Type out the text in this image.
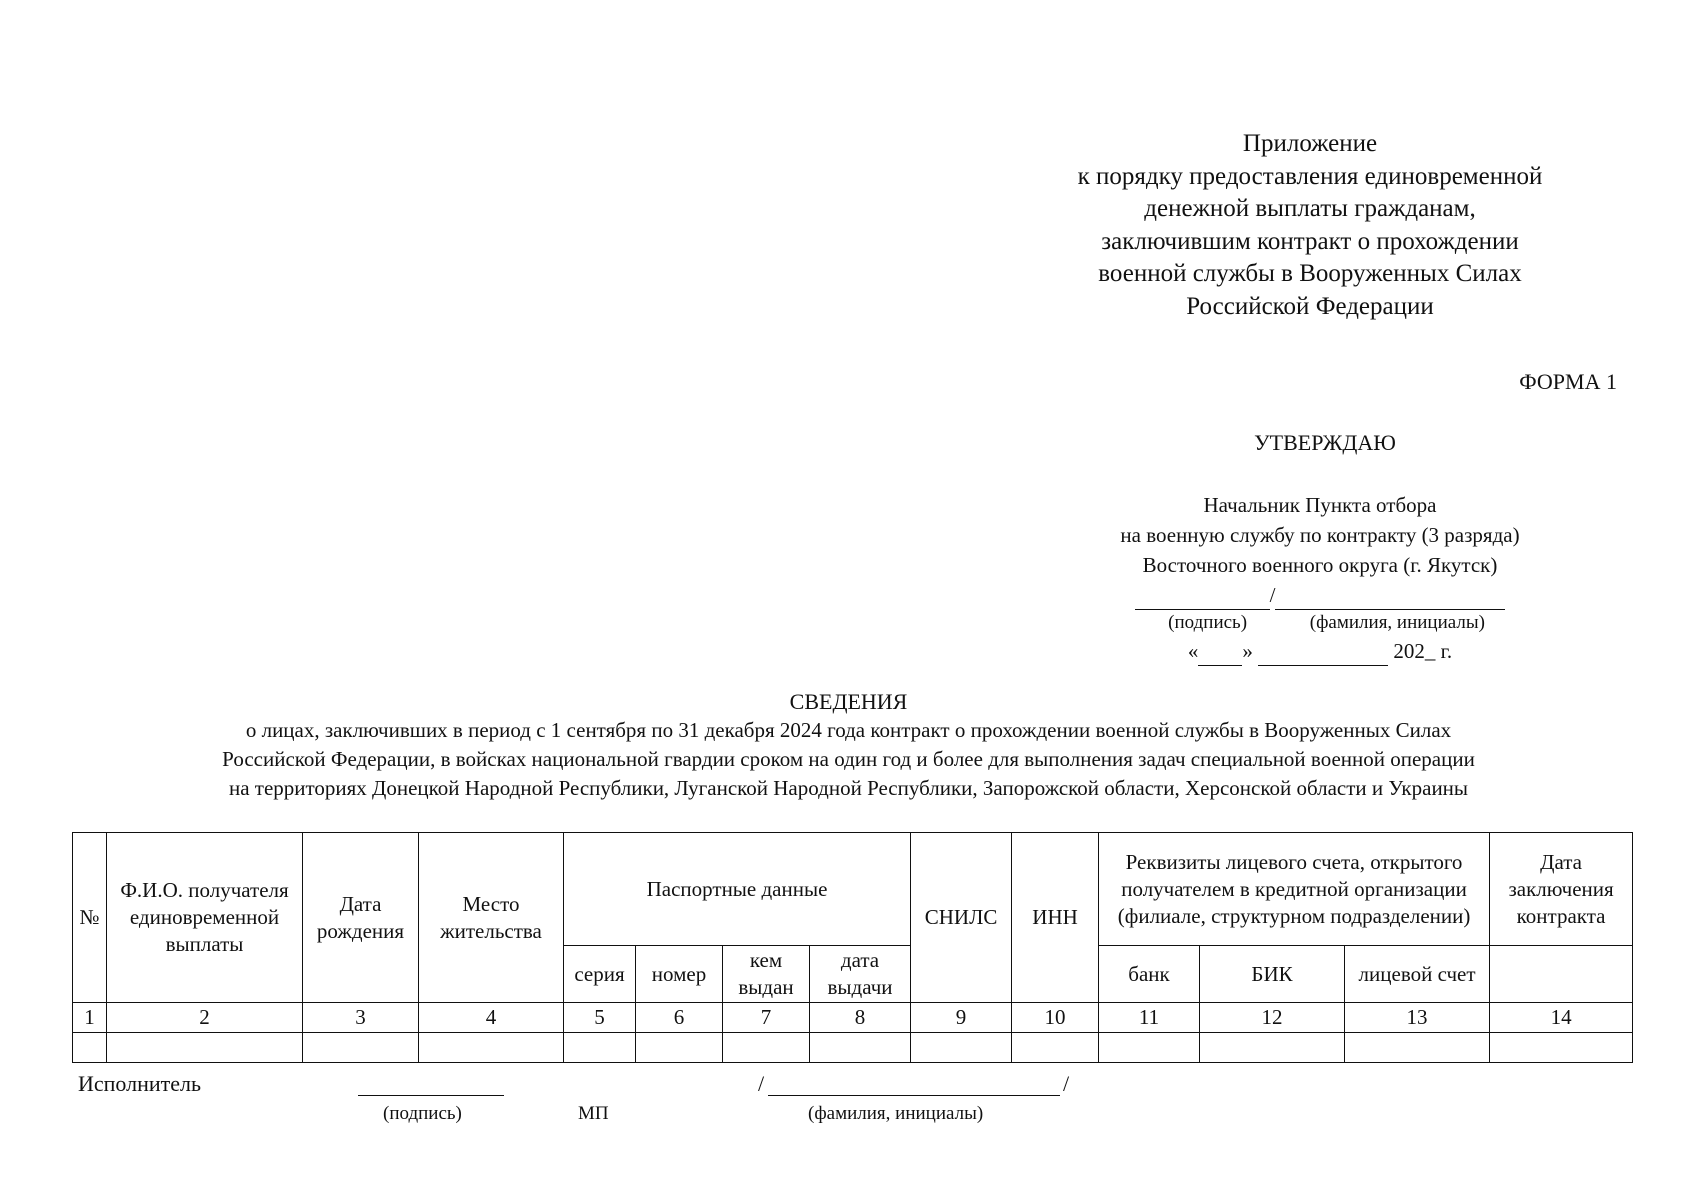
Приложение
к порядку предоставления единовременной
денежной выплаты гражданам,
заключившим контракт о прохождении
военной службы в Вооруженных Силах
Российской Федерации
ФОРМА 1
УТВЕРЖДАЮ
Начальник Пункта отбора
на военную службу по контракту (3 разряда)
Восточного военного округа (г. Якутск)
/
(подпись)	(фамилия, инициалы)
« »	202_ г.
СВЕДЕНИЯ
о лицах, заключивших в период с 1 сентября по 31 декабря 2024 года контракт о прохождении военной службы в Вооруженных Силах
Российской Федерации, в войсках национальной гвардии сроком на один год и более для выполнения задач специальной военной операции
на территориях Донецкой Народной Республики, Луганской Народной Республики, Запорожской области, Херсонской области и Украины
№	Ф.И.О. получателя единовременной выплаты	Дата рождения	Место жительства	Паспортные данные				СНИЛС	ИНН	Реквизиты лицевого счета, открытого получателем в кредитной организации (филиале, структурном подразделении)			Дата заключения контракта
				серия	номер	кем выдан	дата выдачи			банк	БИК	лицевой счет	
1	2	3	4	5	6	7	8	9	10	11	12	13	14

Исполнитель
(подпись)	МП
/	/
(фамилия, инициалы)
